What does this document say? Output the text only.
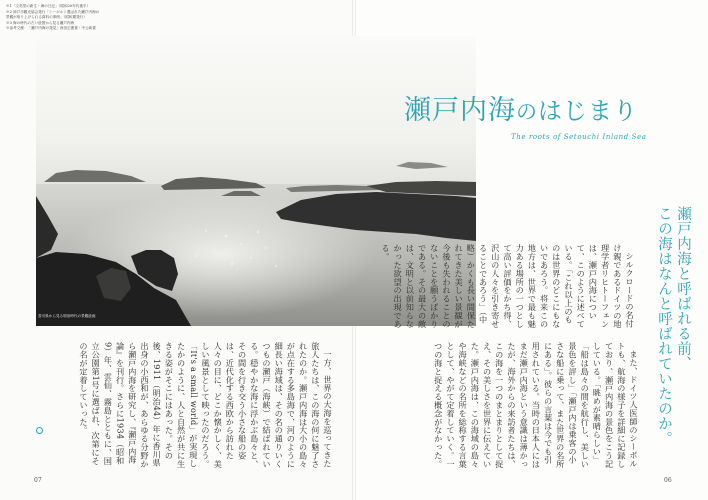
※1「文英堂の新生・海の日記」（昭和20年代後半）
※2 神戸市観光協会発行「シーボルト選ばれた瀬戸内海の
景観が取り上げられる資料の事例」（昭和期発行）
※3 海の時代の古い絵図から見る瀬戸内海
※参考文献：「瀬戸内海の発見」西田正憲著・中公新書
香川県から見る明治時代の景観絵画
瀬戸内海のはじまり
The roots of Setouchi Inland Sea
瀬戸内海と呼ばれる前、
この海はなんと呼ばれていたのか。

シルクロードの名付け親であるドイツの地理学者リヒトーフェンは、瀬戸内海について、このように述べている。「これ以上のものは世界のどこにもないであろう。将来この地方は、世界で最も魅力ある場所の一つとして高い評価をかち得、沢山の人々を引き寄せることであろう」（中略）かくも長い間保たれてきた美しい景観が今後も失われることのないことを願うばかりである。その最大の敵は、文明と以前知らなかった欲望の出現である。

また、ドイツ人医師のシーボルトも、航海の様子を詳細に記録しており、瀬戸内海の景色をこう記している。「眺めが素晴らしい」「船は島々の間を航行し、美しい景色を評し」「瀬戸内は乗客の小さな船に乗って、また世界の名所にある」。彼らの言葉は今でも引用されている。当時の日本人にはまだ瀬戸内海という意識は薄かったが、海外からの来訪者たちは、この海を一つのまとまりとして捉え、その美しさを世界に伝えていた。瀬戸内海は、この海域の島々や海峡などの名所を総称する言葉として、やがて定着していく。一つの海と捉える概念がなかった。

一方、世界の大海を巡ってきた旅人たちは、この海の何に魅了されたのか。瀬戸内海は大小の島々が点在する多島海で、河のように細長い海域は、その名の通りいくつもの瀬戸（海峡）で結ばれている。穏やかな海に浮かぶ島々と、その間を行き交う小さな船の姿は、近代化する西欧から訪れた人々の目に、どこか懐かしく、美しい風景として映ったのだろう。「It's a small world」が実現したかのように、人と自然が共に生きる姿がそこにはあった。その後、1911（明治44）年に香川県出身の小西和が、あらゆる分野から瀬戸内海を研究し、『瀬戸内海論』を刊行。さらに1934（昭和9）年、雲仙、霧島とともに、国立公園第1号に選ばれ、次第にその名が定着していった。

07	06
